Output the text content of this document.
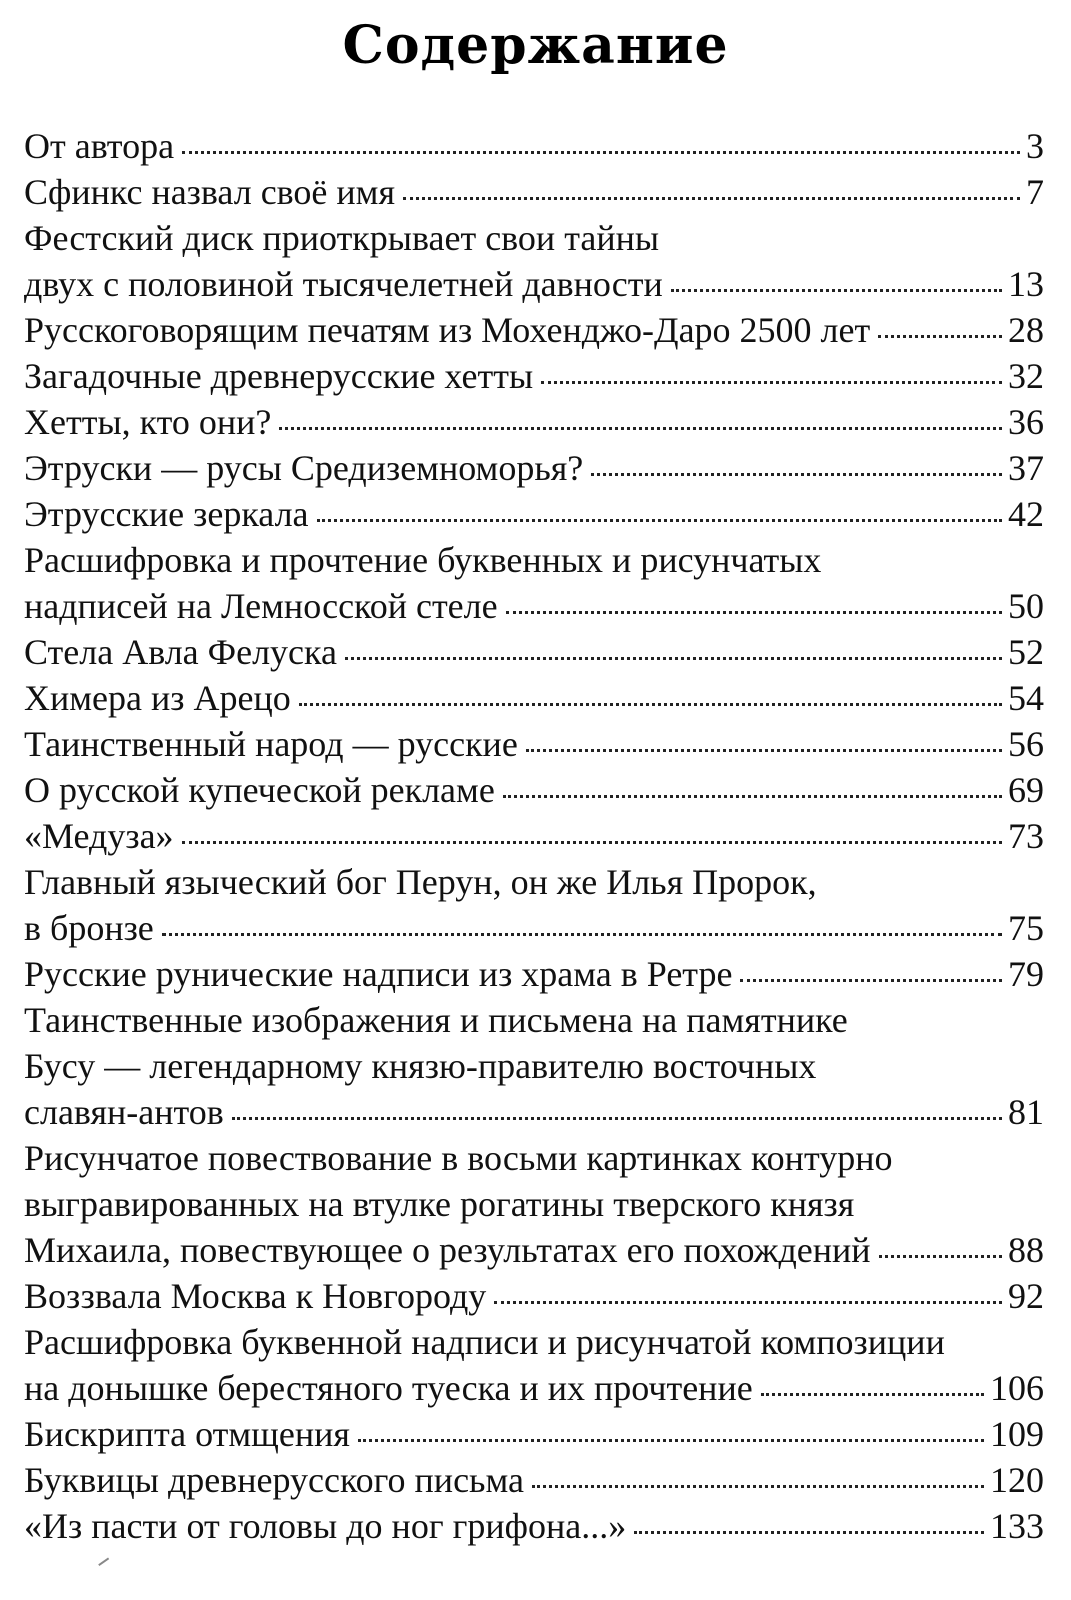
Содержание
От автора	3
Сфинкс назвал своё имя	7
Фестский диск приоткрывает свои тайны
двух с половиной тысячелетней давности	13
Русскоговорящим печатям из Мохенджо-Даро 2500 лет	28
Загадочные древнерусские хетты	32
Хетты, кто они?	36
Этруски — русы Средиземноморья?	37
Этрусские зеркала	42
Расшифровка и прочтение буквенных и рисунчатых
надписей на Лемносской стеле	50
Стела Авла Фелуска	52
Химера из Арецо	54
Таинственный народ — русские	56
О русской купеческой рекламе	69
«Медуза»	73
Главный языческий бог Перун, он же Илья Пророк,
в бронзе	75
Русские рунические надписи из храма в Ретре	79
Таинственные изображения и письмена на памятнике
Бусу — легендарному князю-правителю восточных
славян-антов	81
Рисунчатое повествование в восьми картинках контурно
выгравированных на втулке рогатины тверского князя
Михаила, повествующее о результатах его похождений	88
Воззвала Москва к Новгороду	92
Расшифровка буквенной надписи и рисунчатой композиции
на донышке берестяного туеска и их прочтение	106
Бискрипта отмщения	109
Буквицы древнерусского письма	120
«Из пасти от головы до ног грифона...»	133
